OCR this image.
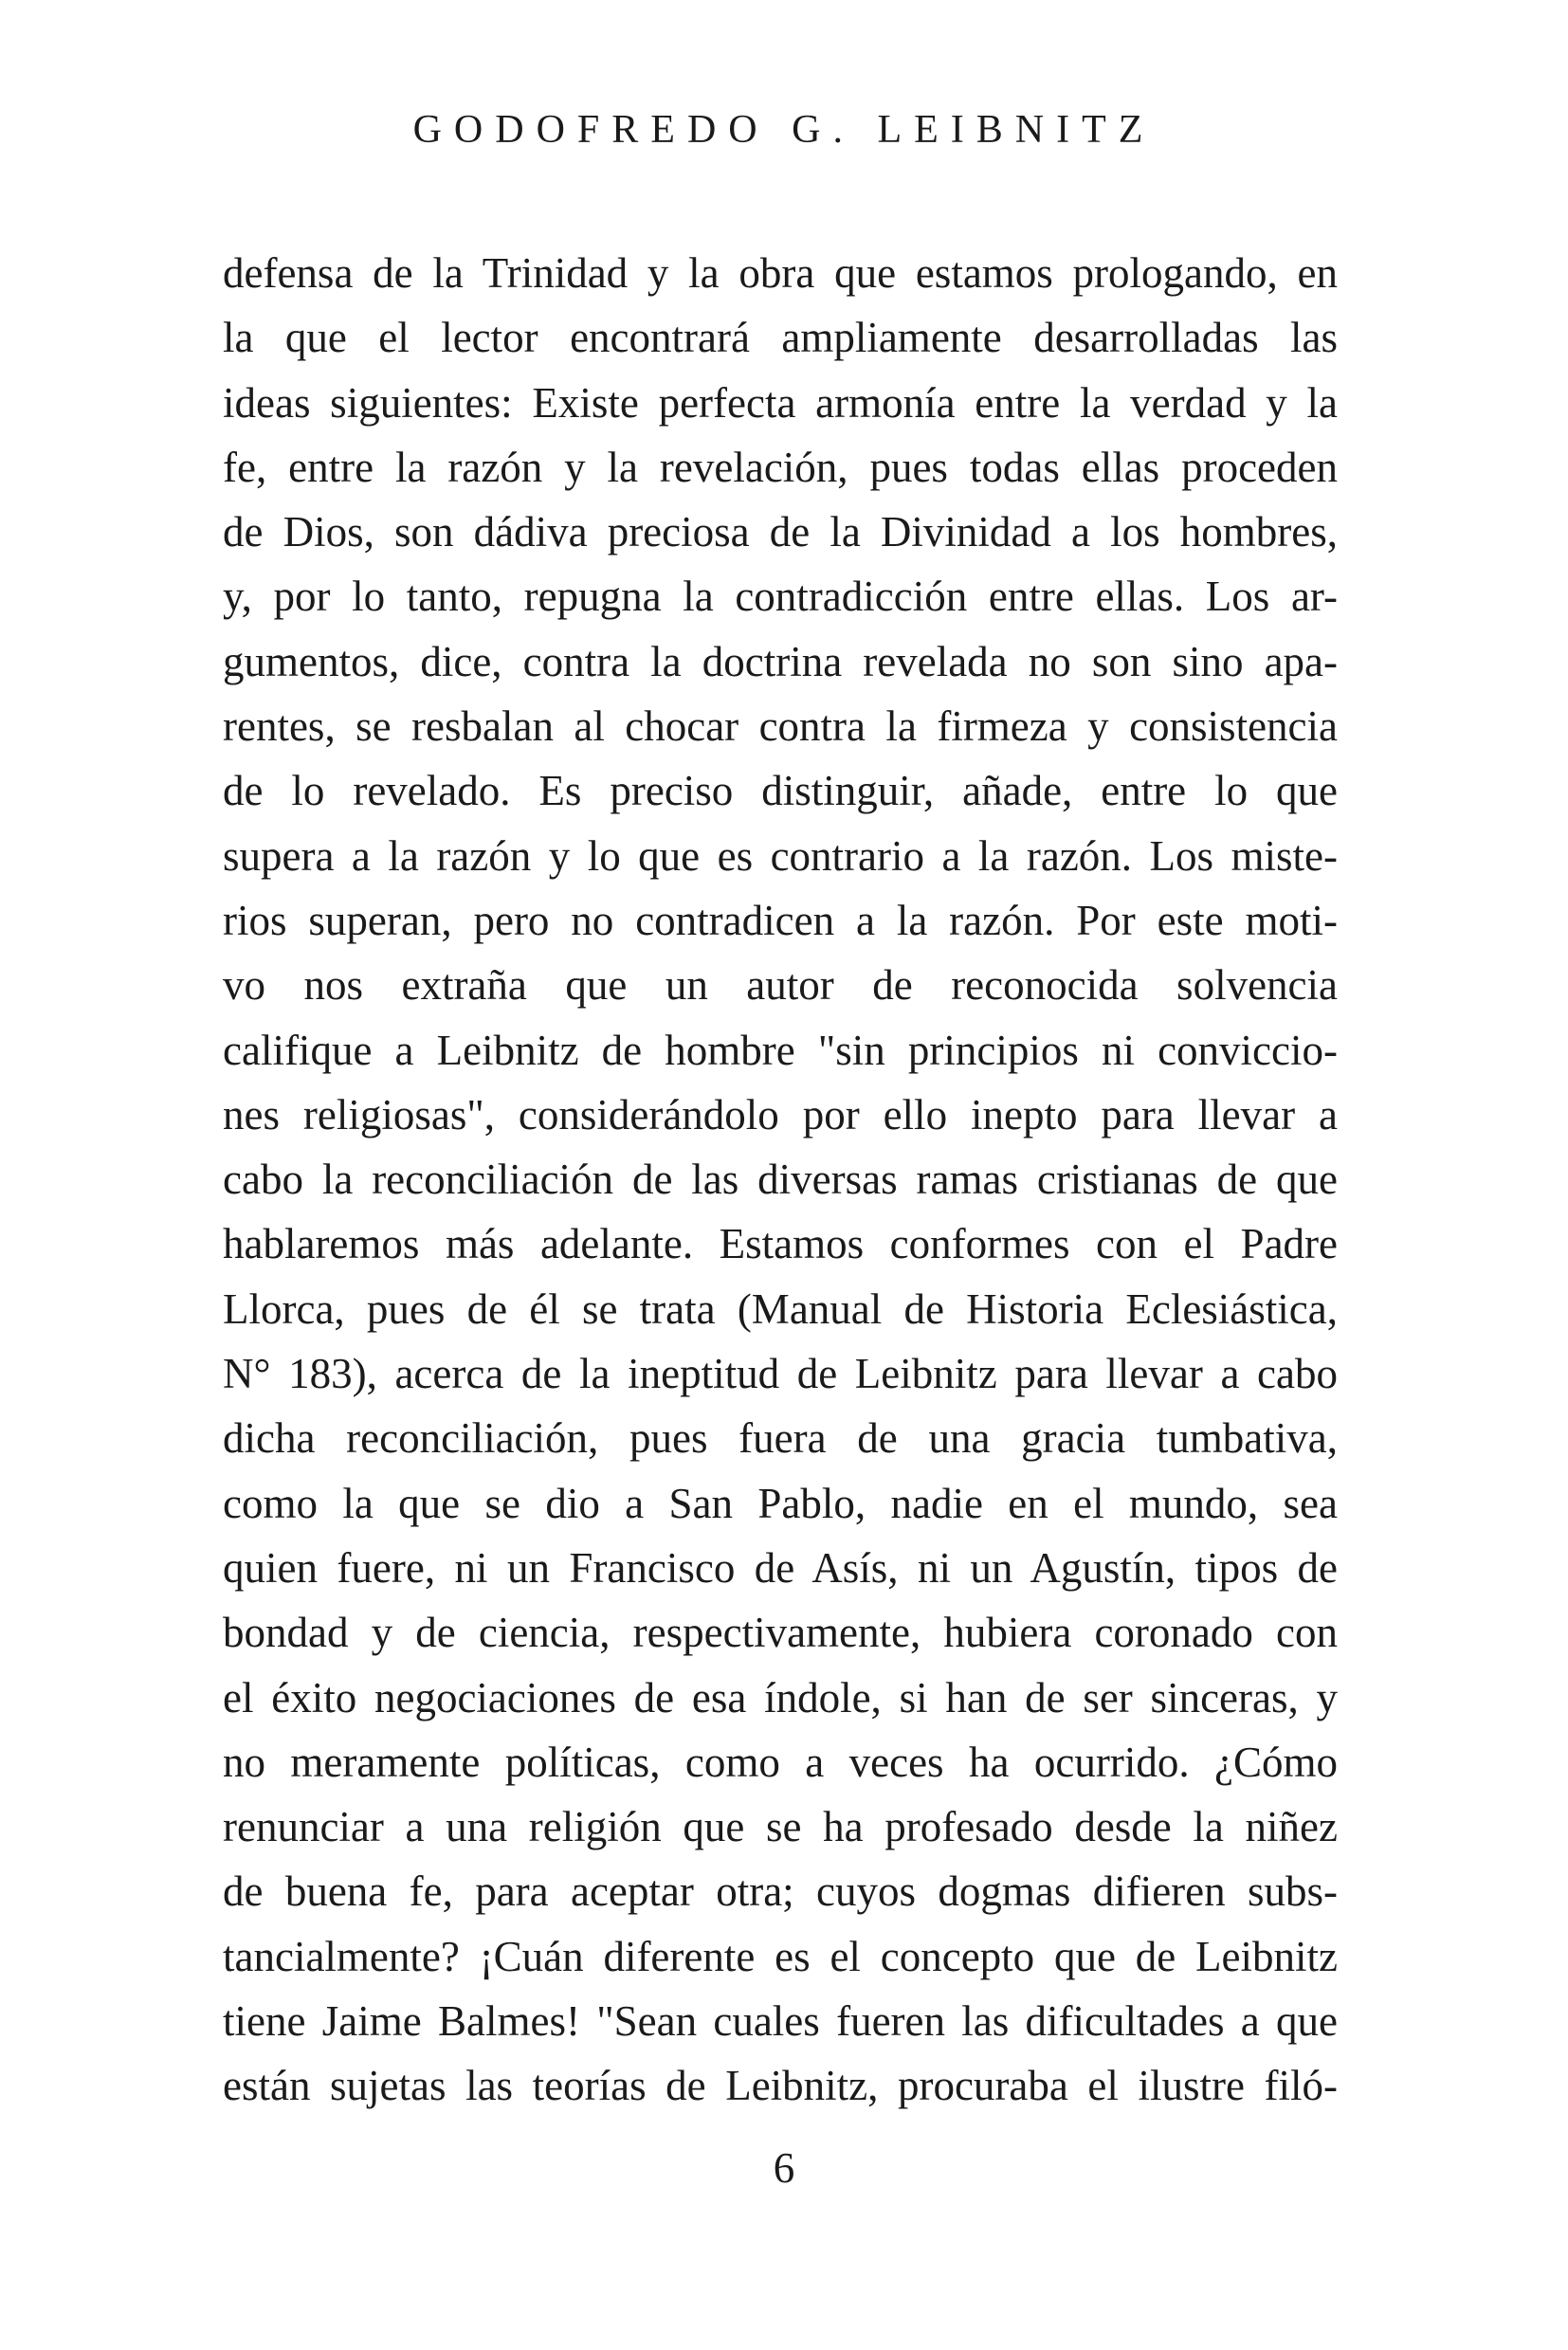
GODOFREDO G. LEIBNITZ
defensa de la Trinidad y la obra que estamos prologando, en
la que el lector encontrará ampliamente desarrolladas las
ideas siguientes: Existe perfecta armonía entre la verdad y la
fe, entre la razón y la revelación, pues todas ellas proceden
de Dios, son dádiva preciosa de la Divinidad a los hombres,
y, por lo tanto, repugna la contradicción entre ellas. Los ar-
gumentos, dice, contra la doctrina revelada no son sino apa-
rentes, se resbalan al chocar contra la firmeza y consistencia
de lo revelado. Es preciso distinguir, añade, entre lo que
supera a la razón y lo que es contrario a la razón. Los miste-
rios superan, pero no contradicen a la razón. Por este moti-
vo nos extraña que un autor de reconocida solvencia
califique a Leibnitz de hombre "sin principios ni conviccio-
nes religiosas", considerándolo por ello inepto para llevar a
cabo la reconciliación de las diversas ramas cristianas de que
hablaremos más adelante. Estamos conformes con el Padre
Llorca, pues de él se trata (Manual de Historia Eclesiástica,
N° 183), acerca de la ineptitud de Leibnitz para llevar a cabo
dicha reconciliación, pues fuera de una gracia tumbativa,
como la que se dio a San Pablo, nadie en el mundo, sea
quien fuere, ni un Francisco de Asís, ni un Agustín, tipos de
bondad y de ciencia, respectivamente, hubiera coronado con
el éxito negociaciones de esa índole, si han de ser sinceras, y
no meramente políticas, como a veces ha ocurrido. ¿Cómo
renunciar a una religión que se ha profesado desde la niñez
de buena fe, para aceptar otra; cuyos dogmas difieren subs-
tancialmente? ¡Cuán diferente es el concepto que de Leibnitz
tiene Jaime Balmes! "Sean cuales fueren las dificultades a que
están sujetas las teorías de Leibnitz, procuraba el ilustre filó-
6
